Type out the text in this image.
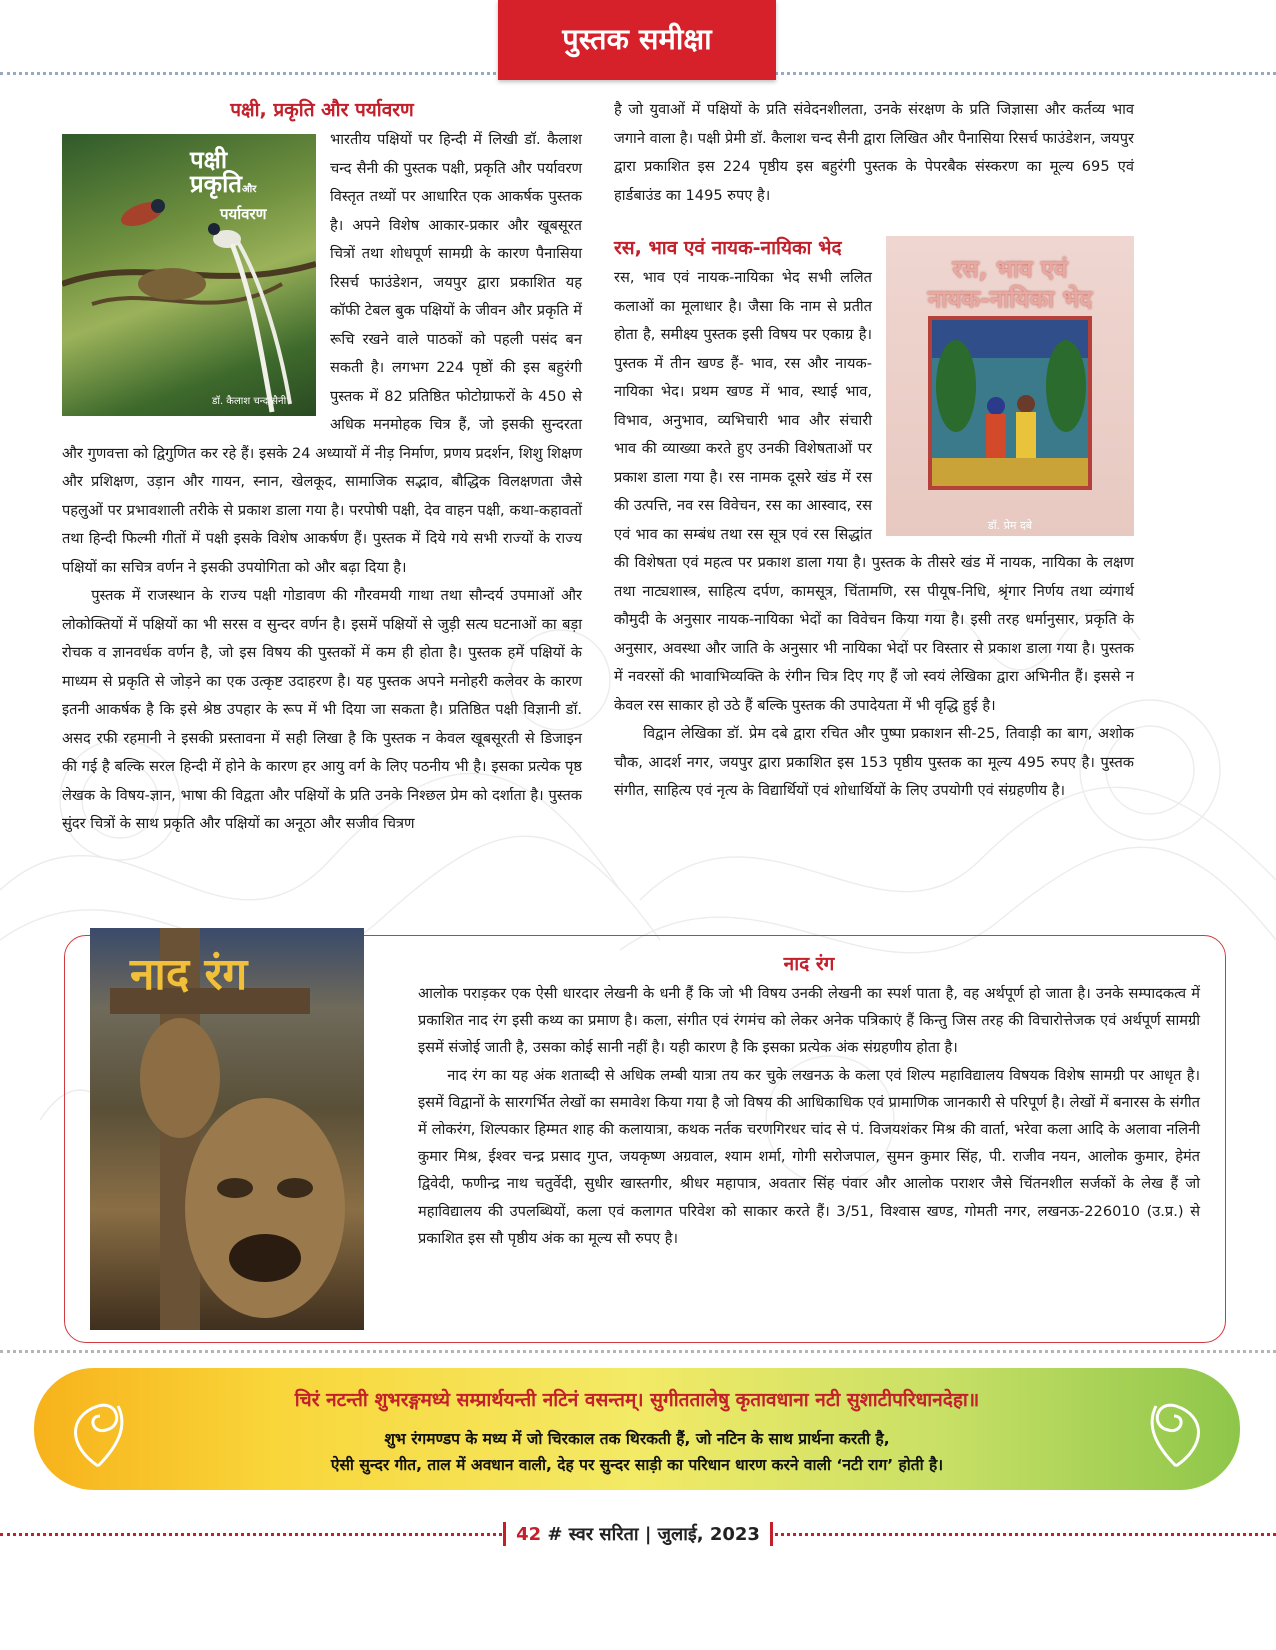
पुस्तक समीक्षा

पक्षी, प्रकृति और पर्यावरण

पक्षी
प्रकृतिऔर
पर्यावरण
डॉ. कैलाश चन्द सैनी

भारतीय पक्षियों पर हिन्दी में लिखी डॉ. कैलाश चन्द सैनी की पुस्तक पक्षी, प्रकृति और पर्यावरण विस्तृत तथ्यों पर आधारित एक आकर्षक पुस्तक है। अपने विशेष आकार-प्रकार और खूबसूरत चित्रों तथा शोधपूर्ण सामग्री के कारण पैनासिया रिसर्च फाउंडेशन, जयपुर द्वारा प्रकाशित यह कॉफी टेबल बुक पक्षियों के जीवन और प्रकृति में रूचि रखने वाले पाठकों को पहली पसंद बन सकती है। लगभग 224 पृष्ठों की इस बहुरंगी पुस्तक में 82 प्रतिष्ठित फोटोग्राफरों के 450 से अधिक मनमोहक चित्र हैं, जो इसकी सुन्दरता और गुणवत्ता को द्विगुणित कर रहे हैं। इसके 24 अध्यायों में नीड़ निर्माण, प्रणय प्रदर्शन, शिशु शिक्षण और प्रशिक्षण, उड़ान और गायन, स्नान, खेलकूद, सामाजिक सद्भाव, बौद्धिक विलक्षणता जैसे पहलुओं पर प्रभावशाली तरीके से प्रकाश डाला गया है। परपोषी पक्षी, देव वाहन पक्षी, कथा-कहावतों तथा हिन्दी फिल्मी गीतों में पक्षी इसके विशेष आकर्षण हैं। पुस्तक में दिये गये सभी राज्यों के राज्य पक्षियों का सचित्र वर्णन ने इसकी उपयोगिता को और बढ़ा दिया है।

पुस्तक में राजस्थान के राज्य पक्षी गोडावण की गौरवमयी गाथा तथा सौन्दर्य उपमाओं और लोकोक्तियों में पक्षियों का भी सरस व सुन्दर वर्णन है। इसमें पक्षियों से जुड़ी सत्य घटनाओं का बड़ा रोचक व ज्ञानवर्धक वर्णन है, जो इस विषय की पुस्तकों में कम ही होता है। पुस्तक हमें पक्षियों के माध्यम से प्रकृति से जोड़ने का एक उत्कृष्ट उदाहरण है। यह पुस्तक अपने मनोहरी कलेवर के कारण इतनी आकर्षक है कि इसे श्रेष्ठ उपहार के रूप में भी दिया जा सकता है। प्रतिष्ठित पक्षी विज्ञानी डॉ. असद रफी रहमानी ने इसकी प्रस्तावना में सही लिखा है कि पुस्तक न केवल खूबसूरती से डिजाइन की गई है बल्कि सरल हिन्दी में होने के कारण हर आयु वर्ग के लिए पठनीय भी है। इसका प्रत्येक पृष्ठ लेखक के विषय-ज्ञान, भाषा की विद्वता और पक्षियों के प्रति उनके निश्छल प्रेम को दर्शाता है। पुस्तक सुंदर चित्रों के साथ प्रकृति और पक्षियों का अनूठा और सजीव चित्रण

है जो युवाओं में पक्षियों के प्रति संवेदनशीलता, उनके संरक्षण के प्रति जिज्ञासा और कर्तव्य भाव जगाने वाला है। पक्षी प्रेमी डॉ. कैलाश चन्द सैनी द्वारा लिखित और पैनासिया रिसर्च फाउंडेशन, जयपुर द्वारा प्रकाशित इस 224 पृष्ठीय इस बहुरंगी पुस्तक के पेपरबैक संस्करण का मूल्य 695 एवं हार्डबाउंड का 1495 रुपए है।

रस, भाव एवं
नायक-नायिका भेद
डॉ. प्रेम दबे

रस, भाव एवं नायक-नायिका भेद

रस, भाव एवं नायक-नायिका भेद सभी ललित कलाओं का मूलाधार है। जैसा कि नाम से प्रतीत होता है, समीक्ष्य पुस्तक इसी विषय पर एकाग्र है। पुस्तक में तीन खण्ड हैं- भाव, रस और नायक-नायिका भेद। प्रथम खण्ड में भाव, स्थाई भाव, विभाव, अनुभाव, व्यभिचारी भाव और संचारी भाव की व्याख्या करते हुए उनकी विशेषताओं पर प्रकाश डाला गया है। रस नामक दूसरे खंड में रस की उत्पत्ति, नव रस विवेचन, रस का आस्वाद, रस एवं भाव का सम्बंध तथा रस सूत्र एवं रस सिद्धांत की विशेषता एवं महत्व पर प्रकाश डाला गया है। पुस्तक के तीसरे खंड में नायक, नायिका के लक्षण तथा नाट्यशास्त्र, साहित्य दर्पण, कामसूत्र, चिंतामणि, रस पीयूष-निधि, श्रृंगार निर्णय तथा व्यंगार्थ कौमुदी के अनुसार नायक-नायिका भेदों का विवेचन किया गया है। इसी तरह धर्मानुसार, प्रकृति के अनुसार, अवस्था और जाति के अनुसार भी नायिका भेदों पर विस्तार से प्रकाश डाला गया है। पुस्तक में नवरसों की भावाभिव्यक्ति के रंगीन चित्र दिए गए हैं जो स्वयं लेखिका द्वारा अभिनीत हैं। इससे न केवल रस साकार हो उठे हैं बल्कि पुस्तक की उपादेयता में भी वृद्धि हुई है।

विद्वान लेखिका डॉ. प्रेम दबे द्वारा रचित और पुष्पा प्रकाशन सी-25, तिवाड़ी का बाग, अशोक चौक, आदर्श नगर, जयपुर द्वारा प्रकाशित इस 153 पृष्ठीय पुस्तक का मूल्य 495 रुपए है। पुस्तक संगीत, साहित्य एवं नृत्य के विद्यार्थियों एवं शोधार्थियों के लिए उपयोगी एवं संग्रहणीय है।

नाद रंग	नाद रंग

आलोक पराड़कर एक ऐसी धारदार लेखनी के धनी हैं कि जो भी विषय उनकी लेखनी का स्पर्श पाता है, वह अर्थपूर्ण हो जाता है। उनके सम्पादकत्व में प्रकाशित नाद रंग इसी कथ्य का प्रमाण है। कला, संगीत एवं रंगमंच को लेकर अनेक पत्रिकाएं हैं किन्तु जिस तरह की विचारोत्तेजक एवं अर्थपूर्ण सामग्री इसमें संजोई जाती है, उसका कोई सानी नहीं है। यही कारण है कि इसका प्रत्येक अंक संग्रहणीय होता है।

नाद रंग का यह अंक शताब्दी से अधिक लम्बी यात्रा तय कर चुके लखनऊ के कला एवं शिल्प महाविद्यालय विषयक विशेष सामग्री पर आधृत है। इसमें विद्वानों के सारगर्भित लेखों का समावेश किया गया है जो विषय की आधिकाधिक एवं प्रामाणिक जानकारी से परिपूर्ण है। लेखों में बनारस के संगीत में लोकरंग, शिल्पकार हिम्मत शाह की कलायात्रा, कथक नर्तक चरणगिरधर चांद से पं. विजयशंकर मिश्र की वार्ता, भरेवा कला आदि के अलावा नलिनी कुमार मिश्र, ईश्वर चन्द्र प्रसाद गुप्त, जयकृष्ण अग्रवाल, श्याम शर्मा, गोगी सरोजपाल, सुमन कुमार सिंह, पी. राजीव नयन, आलोक कुमार, हेमंत द्विवेदी, फणीन्द्र नाथ चतुर्वेदी, सुधीर खास्तगीर, श्रीधर महापात्र, अवतार सिंह पंवार और आलोक पराशर जैसे चिंतनशील सर्जकों के लेख हैं जो महाविद्यालय की उपलब्धियों, कला एवं कलागत परिवेश को साकार करते हैं। 3/51, विश्वास खण्ड, गोमती नगर, लखनऊ-226010 (उ.प्र.) से प्रकाशित इस सौ पृष्ठीय अंक का मूल्य सौ रुपए है।

चिरं नटन्ती शुभरङ्गमध्ये सम्प्रार्थयन्ती नटिनं वसन्तम्। सुगीततालेषु कृतावधाना नटी सुशाटीपरिधानदेहा॥
शुभ रंगमण्डप के मध्य में जो चिरकाल तक थिरकती हैं, जो नटिन के साथ प्रार्थना करती है,
ऐसी सुन्दर गीत, ताल में अवधान वाली, देह पर सुन्दर साड़ी का परिधान धारण करने वाली ‘नटी राग’ होती है।
42 # स्वर सरिता | जुलाई, 2023
